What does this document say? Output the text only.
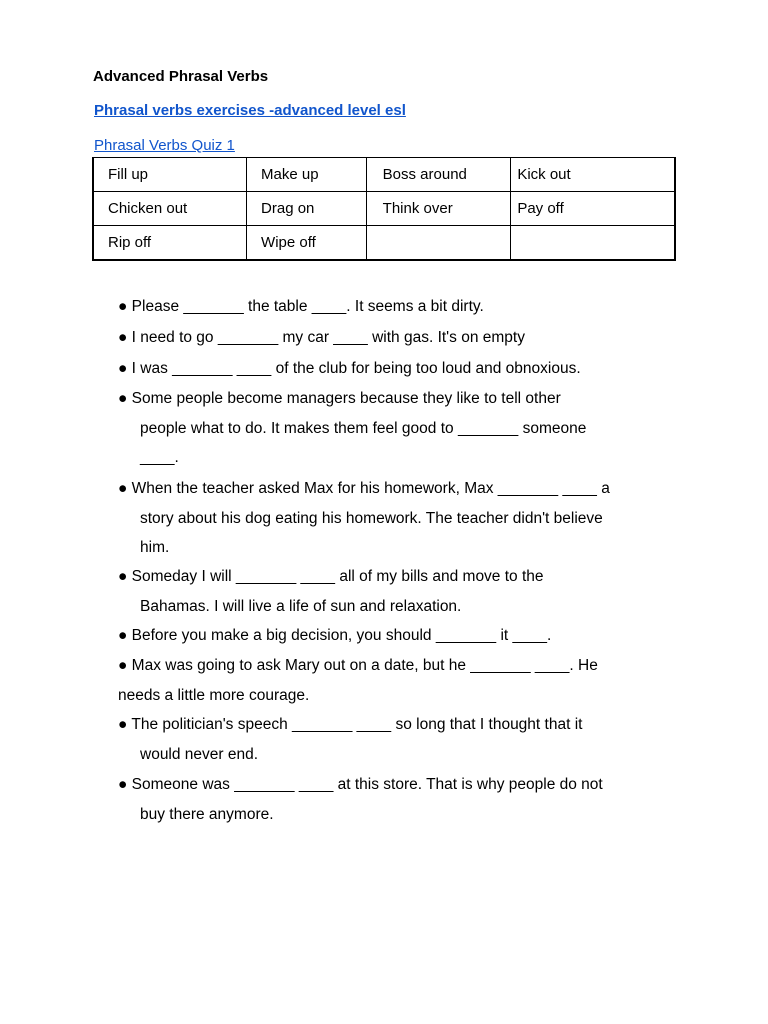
Advanced Phrasal Verbs
Phrasal verbs exercises -advanced level esl
Phrasal Verbs Quiz 1
Fill up	Make up	Boss around	Kick out
Chicken out	Drag on	Think over	Pay off
Rip off	Wipe off		
● Please _______ the table ____. It seems a bit dirty.
● I need to go _______ my car ____ with gas. It's on empty
● I was _______ ____ of the club for being too loud and obnoxious.
● Some people become managers because they like to tell other
people what to do. It makes them feel good to _______ someone
____.
● When the teacher asked Max for his homework, Max _______ ____ a
story about his dog eating his homework. The teacher didn't believe
him.
● Someday I will _______ ____ all of my bills and move to the
Bahamas. I will live a life of sun and relaxation.
● Before you make a big decision, you should _______ it ____.
● Max was going to ask Mary out on a date, but he _______ ____. He
needs a little more courage.
● The politician's speech _______ ____ so long that I thought that it
would never end.
● Someone was _______ ____ at this store. That is why people do not
buy there anymore.
